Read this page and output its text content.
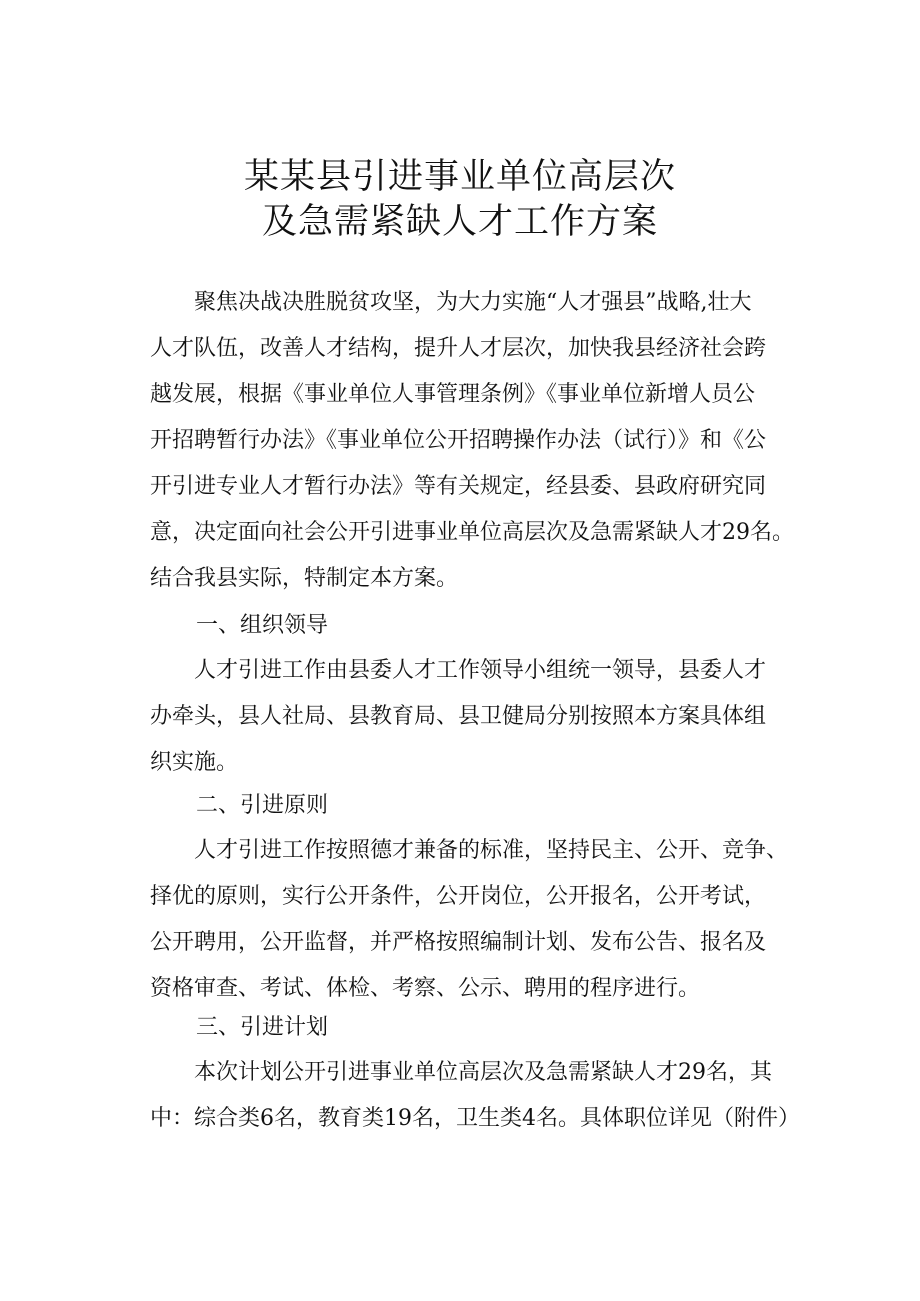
某某县引进事业单位高层次
及急需紧缺人才工作方案
　　聚焦决战决胜脱贫攻坚，为大力实施“人才强县”战略,壮大
人才队伍，改善人才结构，提升人才层次，加快我县经济社会跨
越发展，根据《事业单位人事管理条例》《事业单位新增人员公
开招聘暂行办法》《事业单位公开招聘操作办法（试行）》和《公
开引进专业人才暂行办法》等有关规定，经县委、县政府研究同
意，决定面向社会公开引进事业单位高层次及急需紧缺人才29名。
结合我县实际，特制定本方案。
一、组织领导
　　人才引进工作由县委人才工作领导小组统一领导，县委人才
办牵头，县人社局、县教育局、县卫健局分别按照本方案具体组
织实施。
二、引进原则
　　人才引进工作按照德才兼备的标准，坚持民主、公开、竞争、
择优的原则，实行公开条件，公开岗位，公开报名，公开考试，
公开聘用，公开监督，并严格按照编制计划、发布公告、报名及
资格审查、考试、体检、考察、公示、聘用的程序进行。
三、引进计划
　　本次计划公开引进事业单位高层次及急需紧缺人才29名，其
中：综合类6名，教育类19名，卫生类4名。具体职位详见（附件）
